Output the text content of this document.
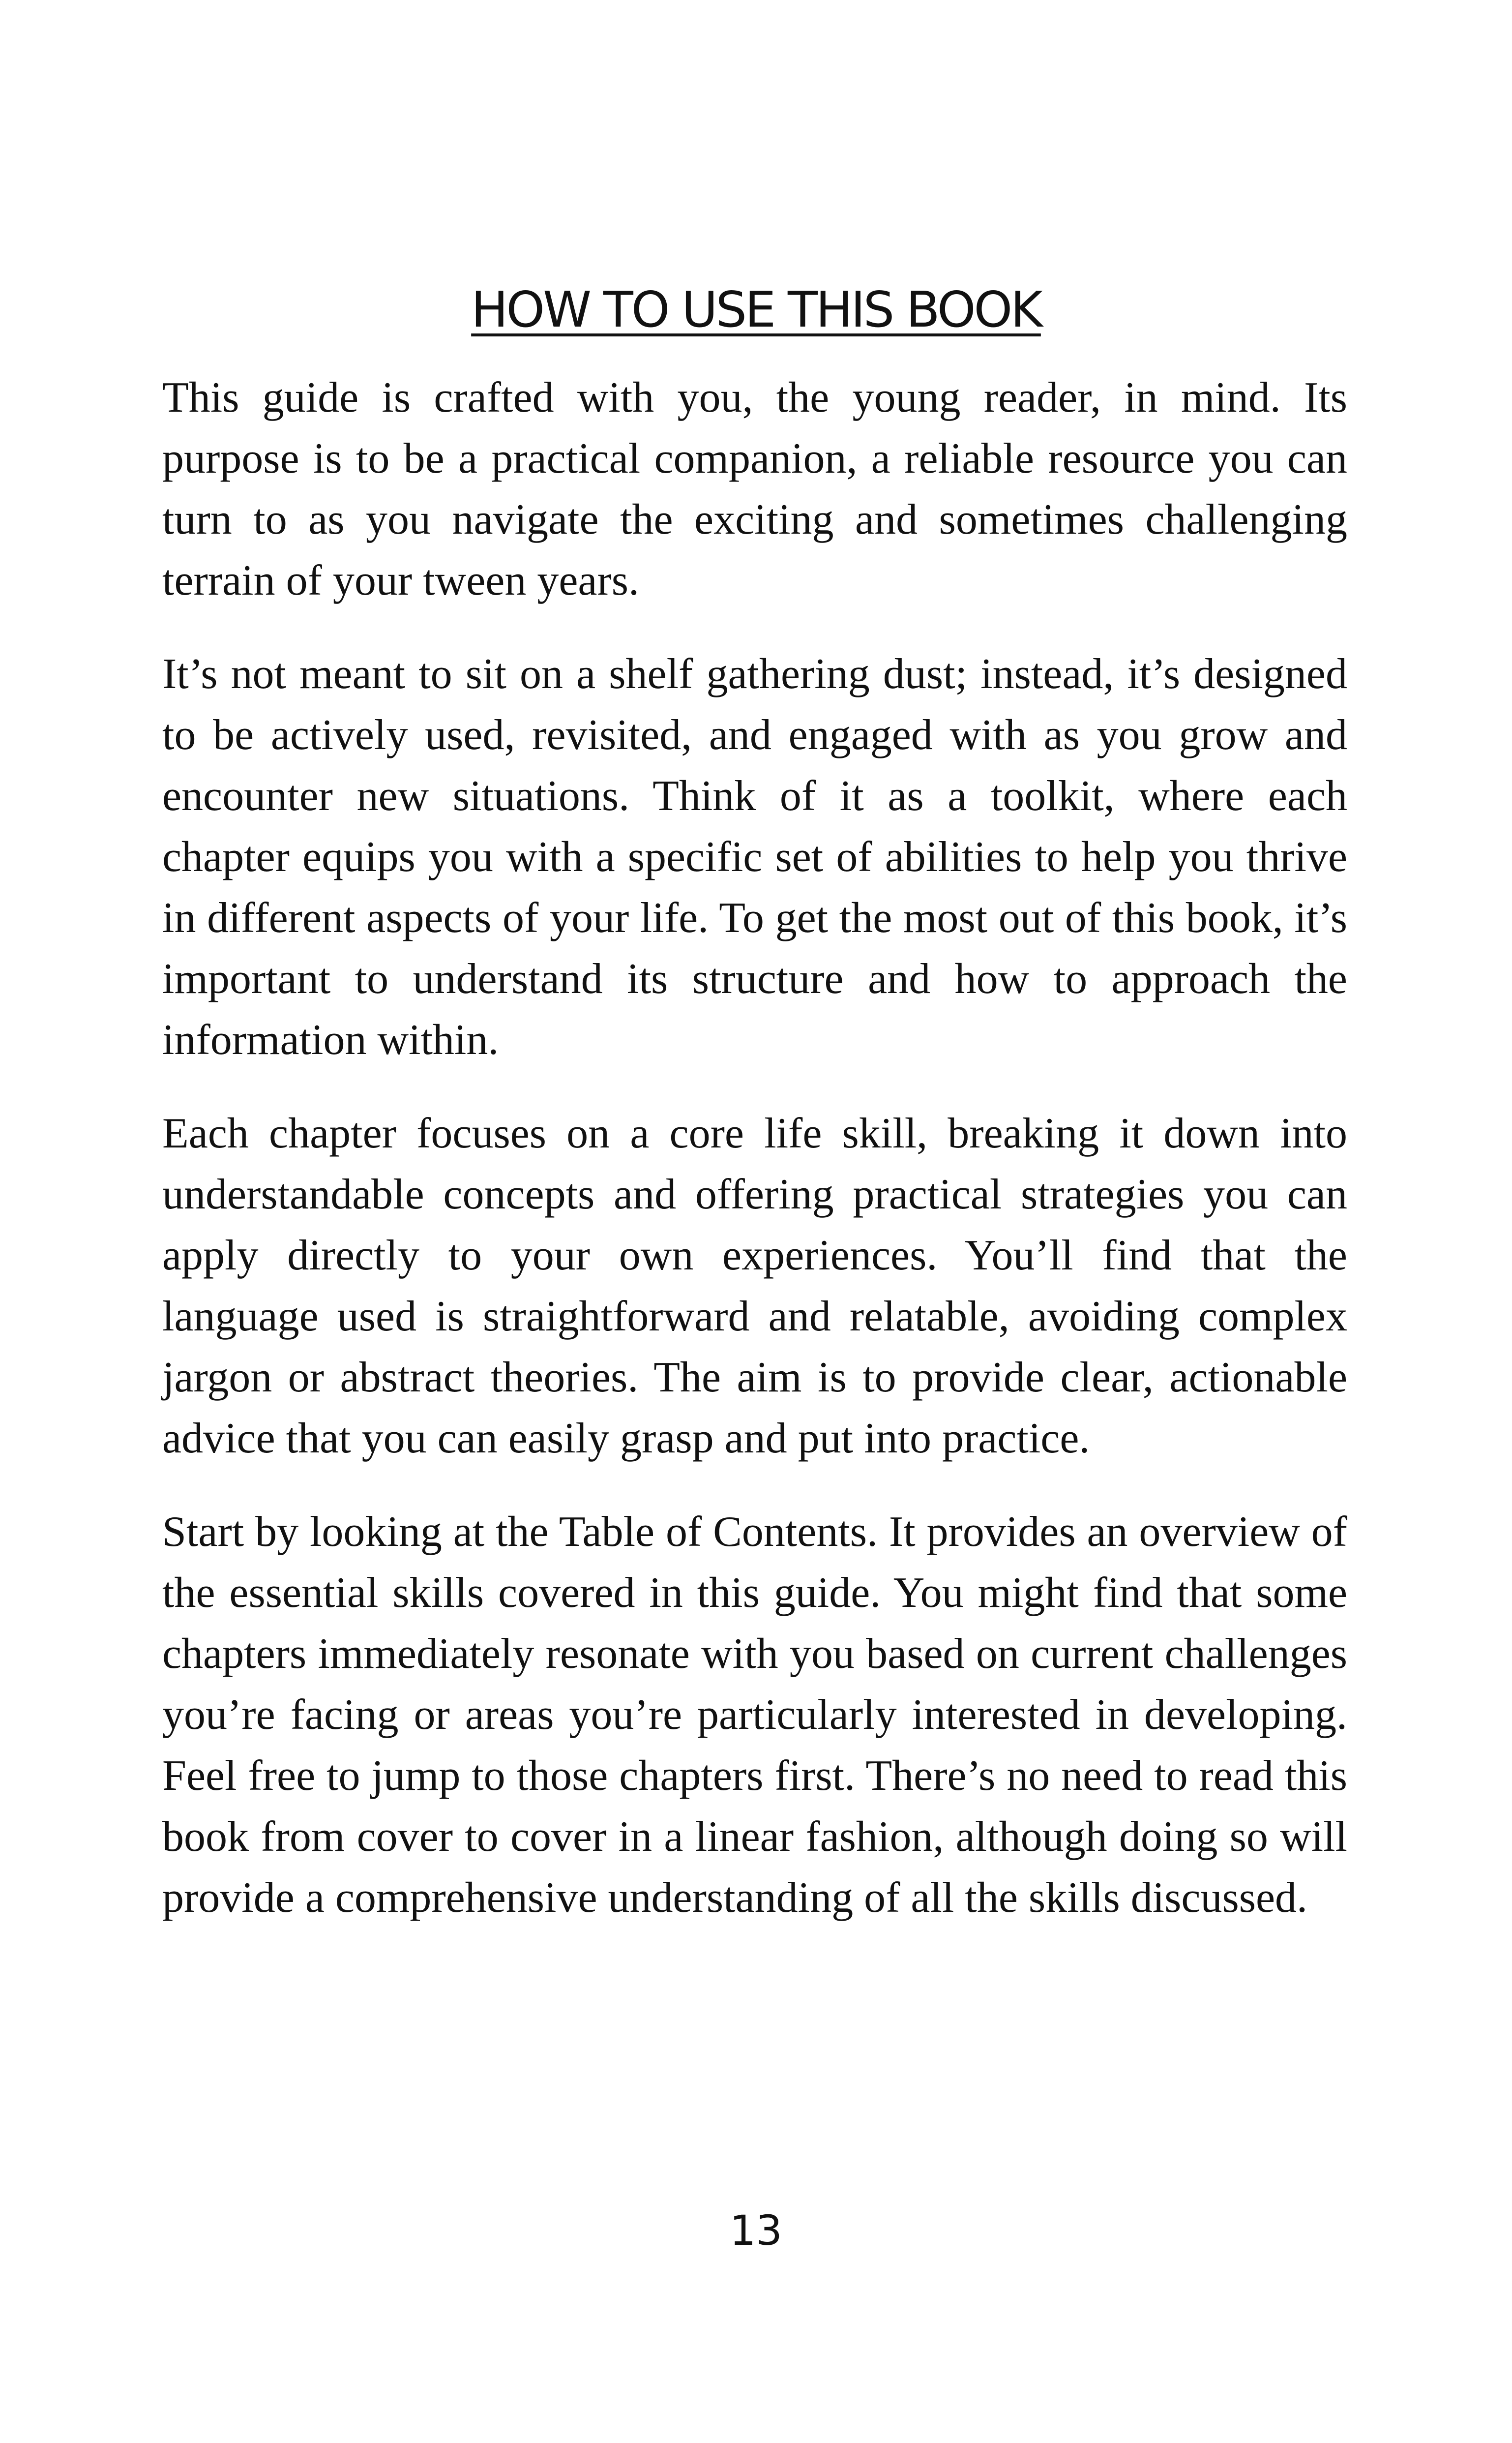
HOW TO USE THIS BOOK

This guide is crafted with you, the young reader, in mind. Its purpose is to be a practical companion, a reliable resource you can turn to as you navigate the exciting and sometimes challenging terrain of your tween years.

It’s not meant to sit on a shelf gathering dust; instead, it’s designed to be actively used, revisited, and engaged with as you grow and encounter new situations. Think of it as a toolkit, where each chapter equips you with a specific set of abilities to help you thrive in different aspects of your life. To get the most out of this book, it’s important to understand its structure and how to approach the information within.

Each chapter focuses on a core life skill, breaking it down into understandable concepts and offering practical strategies you can apply directly to your own experiences. You’ll find that the language used is straightforward and relatable, avoiding complex jargon or abstract theories. The aim is to provide clear, actionable advice that you can easily grasp and put into practice.

Start by looking at the Table of Contents. It provides an overview of the essential skills covered in this guide. You might find that some chapters immediately resonate with you based on current challenges you’re facing or areas you’re particularly interested in developing. Feel free to jump to those chapters first. There’s no need to read this book from cover to cover in a linear fashion, although doing so will provide a comprehensive understanding of all the skills discussed.

13
